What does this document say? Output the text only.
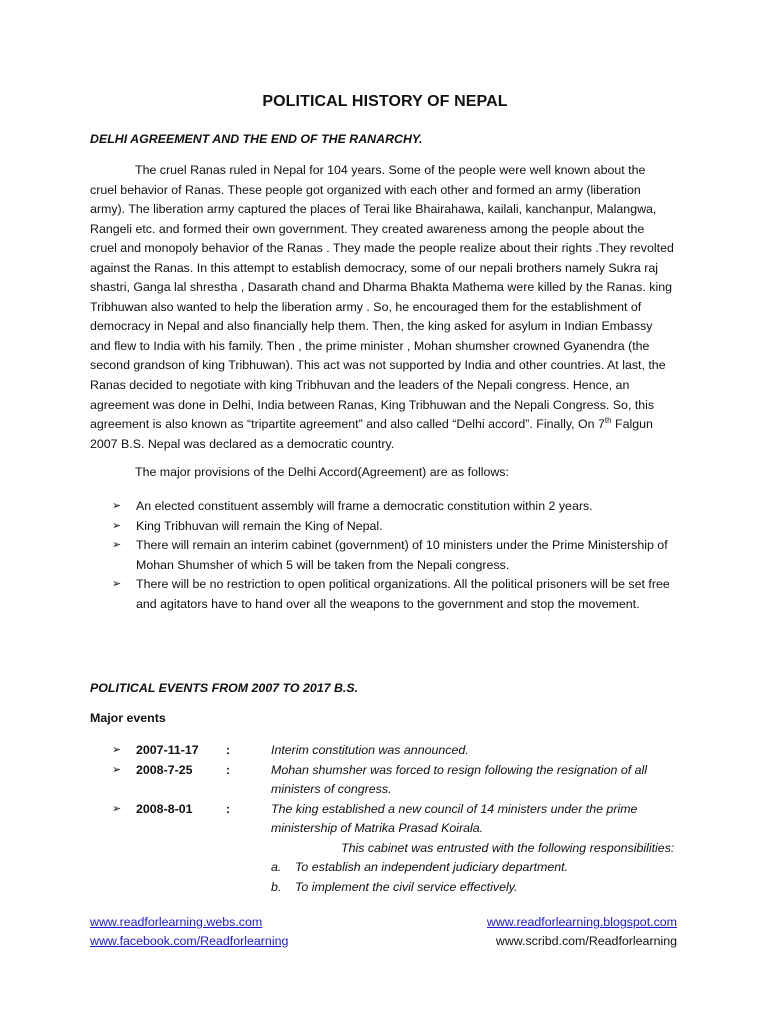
POLITICAL HISTORY OF NEPAL
DELHI AGREEMENT AND THE END OF THE RANARCHY.

The cruel Ranas ruled in Nepal for 104 years. Some of the people were well known about the cruel behavior of Ranas. These people got organized with each other and formed an army (liberation army). The liberation army captured the places of Terai like Bhairahawa, kailali, kanchanpur, Malangwa, Rangeli etc. and formed their own government. They created awareness among the people about the cruel and monopoly behavior of the Ranas . They made the people realize about their rights .They revolted against the Ranas. In this attempt to establish democracy, some of our nepali brothers namely Sukra raj shastri, Ganga lal shrestha , Dasarath chand and Dharma Bhakta Mathema were killed by the Ranas. king Tribhuwan also wanted to help the liberation army . So, he encouraged them for the establishment of democracy in Nepal and also financially help them. Then, the king asked for asylum in Indian Embassy and flew to India with his family. Then , the prime minister , Mohan shumsher crowned Gyanendra (the second grandson of king Tribhuwan). This act was not supported by India and other countries. At last, the Ranas decided to negotiate with king Tribhuvan and the leaders of the Nepali congress. Hence, an agreement was done in Delhi, India between Ranas, King Tribhuwan and the Nepali Congress. So, this agreement is also known as “tripartite agreement” and also called “Delhi accord”. Finally, On 7th Falgun 2007 B.S. Nepal was declared as a democratic country.

The major provisions of the Delhi Accord(Agreement) are as follows:
➢ An elected constituent assembly will frame a democratic constitution within 2 years.
➢ King Tribhuvan will remain the King of Nepal.
➢ There will remain an interim cabinet (government) of 10 ministers under the Prime Ministership of Mohan Shumsher of which 5 will be taken from the Nepali congress.
➢ There will be no restriction to open political organizations. All the political prisoners will be set free and agitators have to hand over all the weapons to the government and stop the movement.
POLITICAL EVENTS FROM 2007 TO 2017 B.S.
Major events
➢ 2007-11-17 :	Interim constitution was announced.
➢ 2008-7-25	:	Mohan shumsher was forced to resign following the resignation of all ministers of congress.
➢ 2008-8-01	:	The king established a new council of 14 ministers under the prime ministership of Matrika Prasad Koirala.
This cabinet was entrusted with the following responsibilities:
a. To establish an independent judiciary department.
b. To implement the civil service effectively.
www.readforlearning.webs.com	www.readforlearning.blogspot.com
www.facebook.com/Readforlearning	www.scribd.com/Readforlearning
